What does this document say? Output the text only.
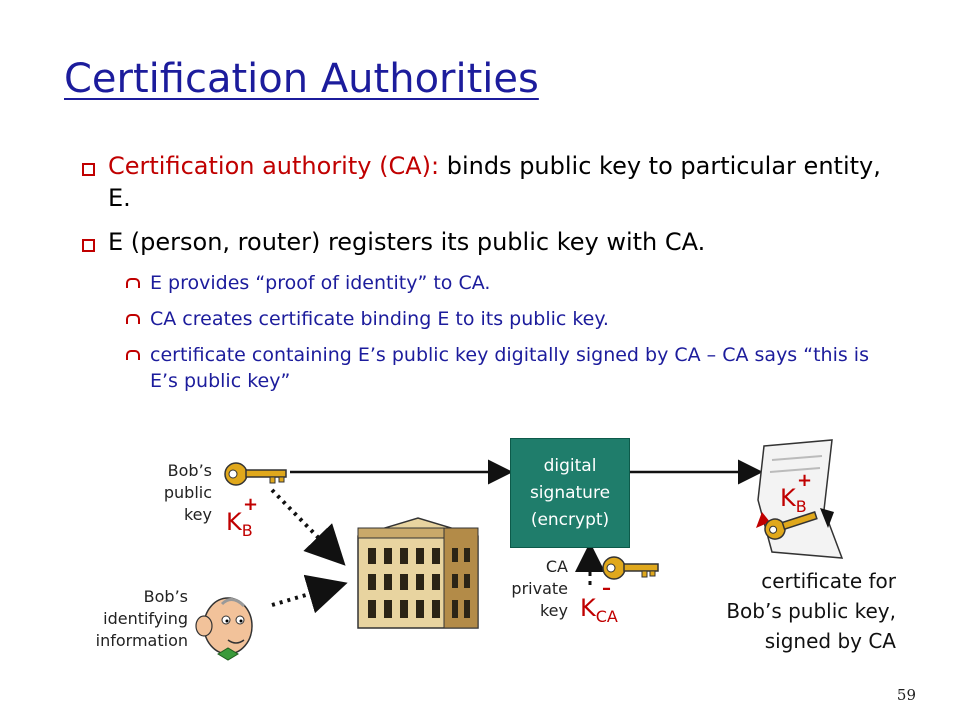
Certification Authorities
Certification authority (CA): binds public key to particular entity, E.
E (person, router) registers its public key with CA.
E provides “proof of identity” to CA.
CA creates certificate binding E to its public key.
certificate containing E’s public key digitally signed by CA – CA says “this is E’s public key”
Bob’s
public
key $K_B$
+
Bob’s
identifying
information
digital
signature
(encrypt)
CA
private
key $K_{CA}$
–
$K_B$
+
certificate for
Bob’s public key,
signed by CA
59
